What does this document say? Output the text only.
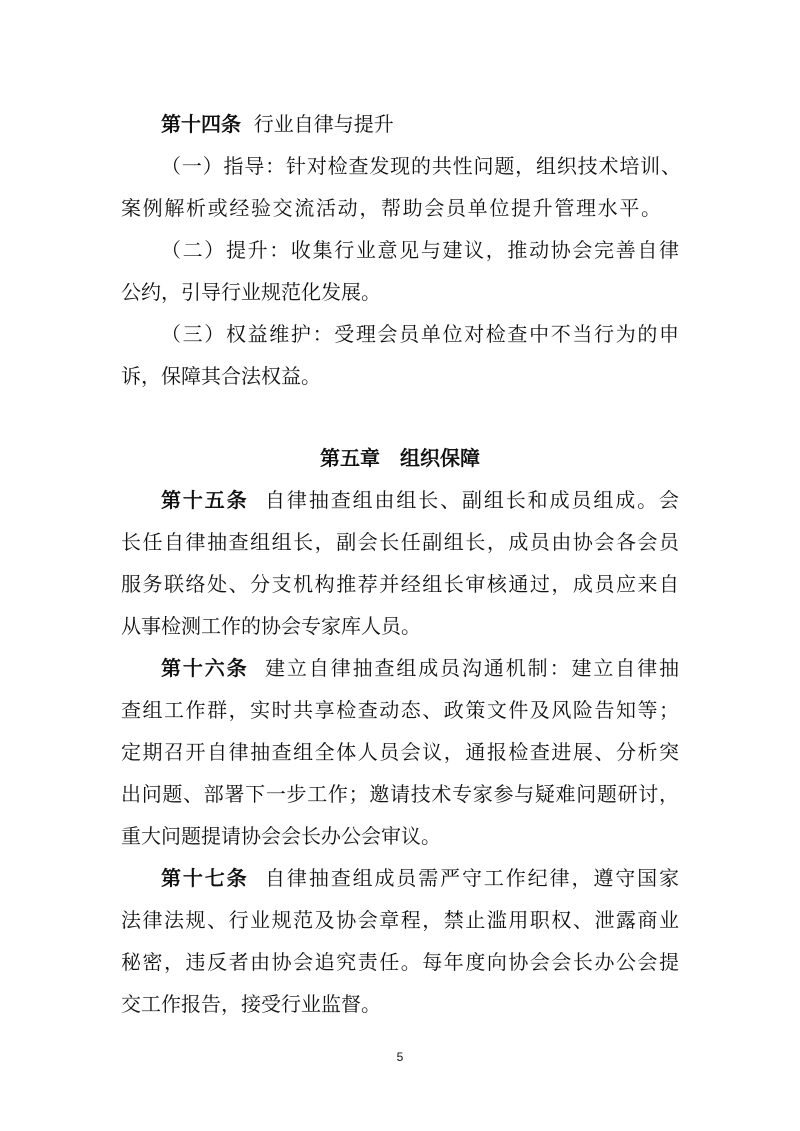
第十四条 行业自律与提升
（一）指导：针对检查发现的共性问题，组织技术培训、
案例解析或经验交流活动，帮助会员单位提升管理水平。
（二）提升：收集行业意见与建议，推动协会完善自律
公约，引导行业规范化发展。
（三）权益维护：受理会员单位对检查中不当行为的申
诉，保障其合法权益。
第五章　组织保障
第十五条 自律抽查组由组长、副组长和成员组成。会
长任自律抽查组组长，副会长任副组长，成员由协会各会员
服务联络处、分支机构推荐并经组长审核通过，成员应来自
从事检测工作的协会专家库人员。
第十六条 建立自律抽查组成员沟通机制：建立自律抽
查组工作群，实时共享检查动态、政策文件及风险告知等；
定期召开自律抽查组全体人员会议，通报检查进展、分析突
出问题、部署下一步工作；邀请技术专家参与疑难问题研讨，
重大问题提请协会会长办公会审议。
第十七条 自律抽查组成员需严守工作纪律，遵守国家
法律法规、行业规范及协会章程，禁止滥用职权、泄露商业
秘密，违反者由协会追究责任。每年度向协会会长办公会提
交工作报告，接受行业监督。
5
